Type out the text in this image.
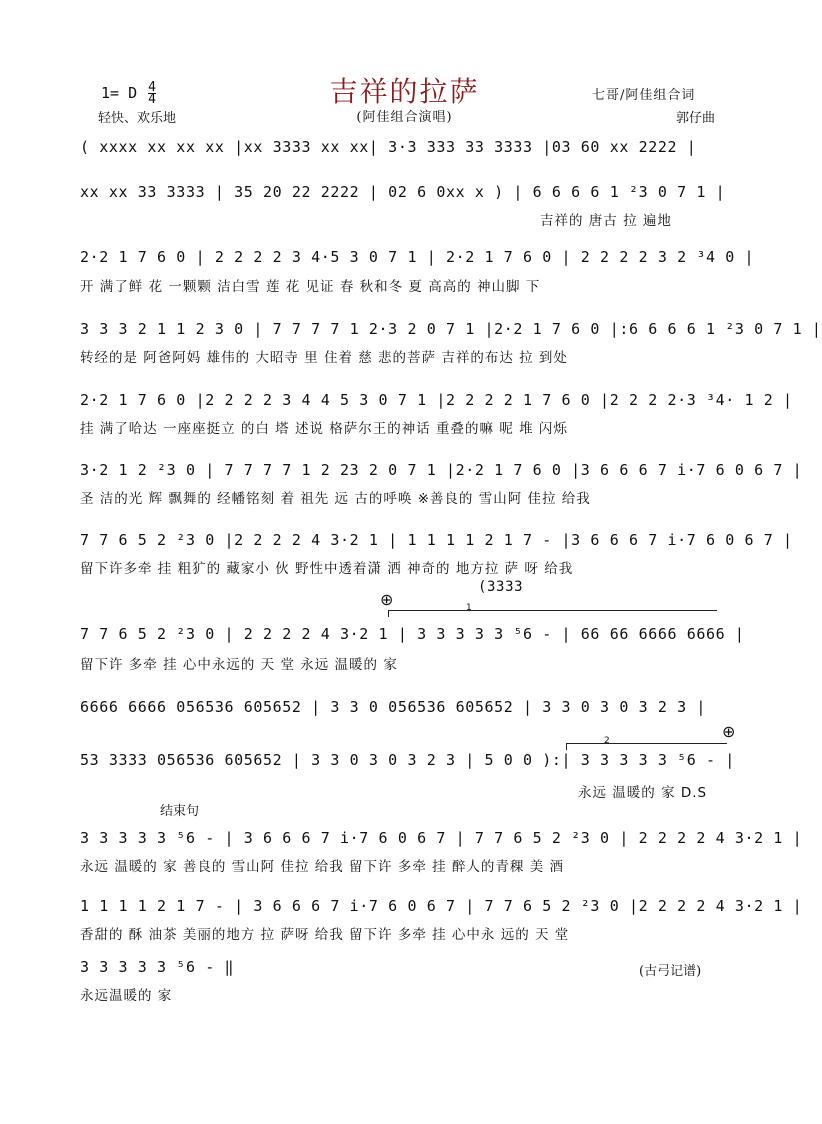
1= D $\frac{4}{4}$
轻快、欢乐地
吉祥的拉萨
(阿佳组合演唱)
七哥/阿佳组合词
郭仔曲
( xxxx xx xx xx |xx 3333 xx xx| 3·3 333 33 3333 |03 60 xx 2222 |
xx xx 33 3333 | 35 20 22 2222 | 02 6 0xx x ) | 6 6 6 6 1 ²3 0 7 1 |
吉祥的 唐古 拉 遍地
2·2 1 7 6 0 | 2 2 2 2 3 4·5 3 0 7 1 | 2·2 1 7 6 0 | 2 2 2 2 3 2 ³4 0 |
开 满了鲜 花 一颗颗 洁白雪 莲 花 见证 春 秋和冬 夏 高高的 神山脚 下
3 3 3 2 1 1 2 3 0 | 7 7 7 7 1 2·3 2 0 7 1 |2·2 1 7 6 0 |:6 6 6 6 1 ²3 0 7 1 |
转经的是 阿爸阿妈 雄伟的 大昭寺 里 住着 慈 悲的菩萨 吉祥的布达 拉 到处
2·2 1 7 6 0 |2 2 2 2 3 4 4 5 3 0 7 1 |2 2 2 2 1 7 6 0 |2 2 2 2·3 ³4· 1 2 |
挂 满了哈达 一座座挺立 的白 塔 述说 格萨尔王的神话 重叠的嘛 呢 堆 闪烁
3·2 1 2 ²3 0 | 7 7 7 7 1 2 23 2 0 7 1 |2·2 1 7 6 0 |3 6 6 6 7 i·7 6 0 6 7 |
圣 洁的光 辉 飘舞的 经幡铭刻 着 祖先 远 古的呼唤 ※善良的 雪山阿 佳拉 给我
7 7 6 5 2 ²3 0 |2 2 2 2 4 3·2 1 | 1 1 1 1 2 1 7 - |3 6 6 6 7 i·7 6 0 6 7 |
留下许多牵 挂 粗犷的 藏家小 伙 野性中透着潇 洒 神奇的 地方拉 萨 呀 给我
(3333
⊕	1
7 7 6 5 2 ²3 0 | 2 2 2 2 4 3·2 1 | 3 3 3 3 3 ⁵6 - | 66 66 6666 6666 |
留下许 多牵 挂 心中永远的 天 堂 永远 温暖的 家
6666 6666 056536 605652 | 3 3 0 056536 605652 | 3 3 0 3 0 3 2 3 |
⊕
2
53 3333 056536 605652 | 3 3 0 3 0 3 2 3 | 5 0 0 ):| 3 3 3 3 3 ⁵6 - |
永远 温暖的 家 D.S
结束句
3 3 3 3 3 ⁵6 - | 3 6 6 6 7 i·7 6 0 6 7 | 7 7 6 5 2 ²3 0 | 2 2 2 2 4 3·2 1 |
永远 温暖的 家 善良的 雪山阿 佳拉 给我 留下许 多牵 挂 醉人的青稞 美 酒
1 1 1 1 2 1 7 - | 3 6 6 6 7 i·7 6 0 6 7 | 7 7 6 5 2 ²3 0 |2 2 2 2 4 3·2 1 |
香甜的 酥 油茶 美丽的地方 拉 萨呀 给我 留下许 多牵 挂 心中永 远的 天 堂
3 3 3 3 3 ⁵6 - ‖
永远温暖的 家
(古弓记谱)
